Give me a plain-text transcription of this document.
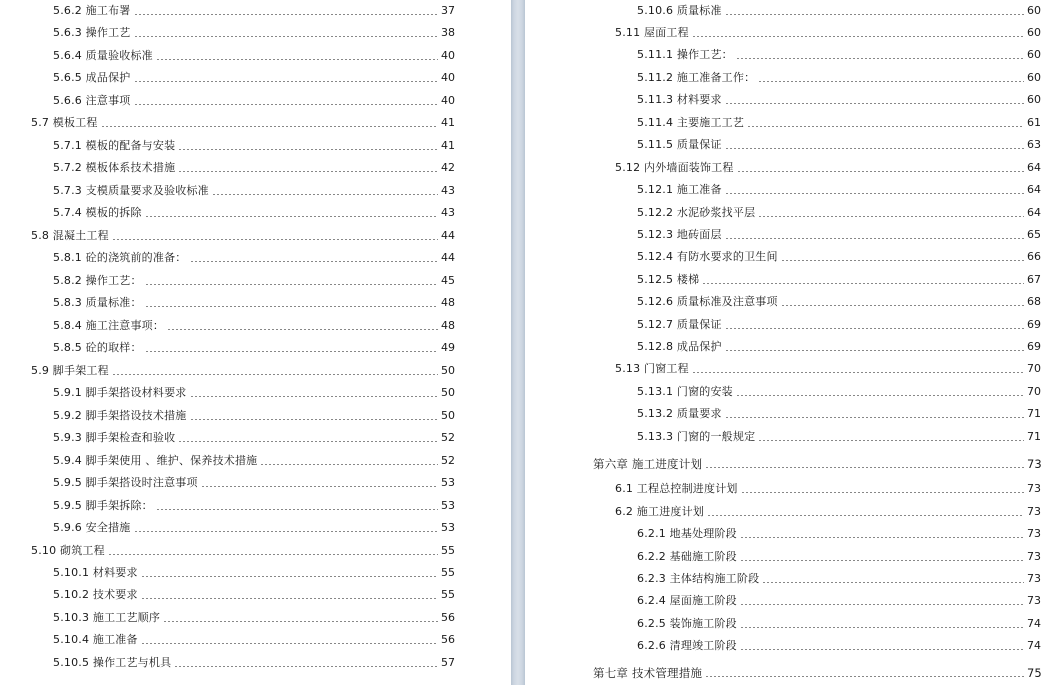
5.6.2 施工布署	37
5.6.3 操作工艺	38
5.6.4 质量验收标准	40
5.6.5 成品保护	40
5.6.6 注意事项	40
5.7 模板工程	41
5.7.1 模板的配备与安装	41
5.7.2 模板体系技术措施	42
5.7.3 支模质量要求及验收标准	43
5.7.4 模板的拆除	43
5.8 混凝土工程	44
5.8.1 砼的浇筑前的准备：	44
5.8.2 操作工艺：	45
5.8.3 质量标准：	48
5.8.4 施工注意事项：	48
5.8.5 砼的取样：	49
5.9 脚手架工程	50
5.9.1 脚手架搭设材料要求	50
5.9.2 脚手架搭设技术措施	50
5.9.3 脚手架检查和验收	52
5.9.4 脚手架使用 、维护、保养技术措施	52
5.9.5 脚手架搭设时注意事项	53
5.9.5 脚手架拆除：	53
5.9.6 安全措施	53
5.10 砌筑工程	55
5.10.1 材料要求	55
5.10.2 技术要求	55
5.10.3 施工工艺顺序	56
5.10.4 施工准备	56
5.10.5 操作工艺与机具	57
5.10.6 质量标准	60
5.11 屋面工程	60
5.11.1 操作工艺：	60
5.11.2 施工准备工作：	60
5.11.3 材料要求	60
5.11.4 主要施工工艺	61
5.11.5 质量保证	63
5.12 内外墙面装饰工程	64
5.12.1 施工准备	64
5.12.2 水泥砂浆找平层	64
5.12.3 地砖面层	65
5.12.4 有防水要求的卫生间	66
5.12.5 楼梯	67
5.12.6 质量标准及注意事项	68
5.12.7 质量保证	69
5.12.8 成品保护	69
5.13 门窗工程	70
5.13.1 门窗的安装	70
5.13.2 质量要求	71
5.13.3 门窗的一般规定	71
第六章 施工进度计划	73
6.1 工程总控制进度计划	73
6.2 施工进度计划	73
6.2.1 地基处理阶段	73
6.2.2 基础施工阶段	73
6.2.3 主体结构施工阶段	73
6.2.4 屋面施工阶段	73
6.2.5 装饰施工阶段	74
6.2.6 清理竣工阶段	74
第七章 技术管理措施	75
